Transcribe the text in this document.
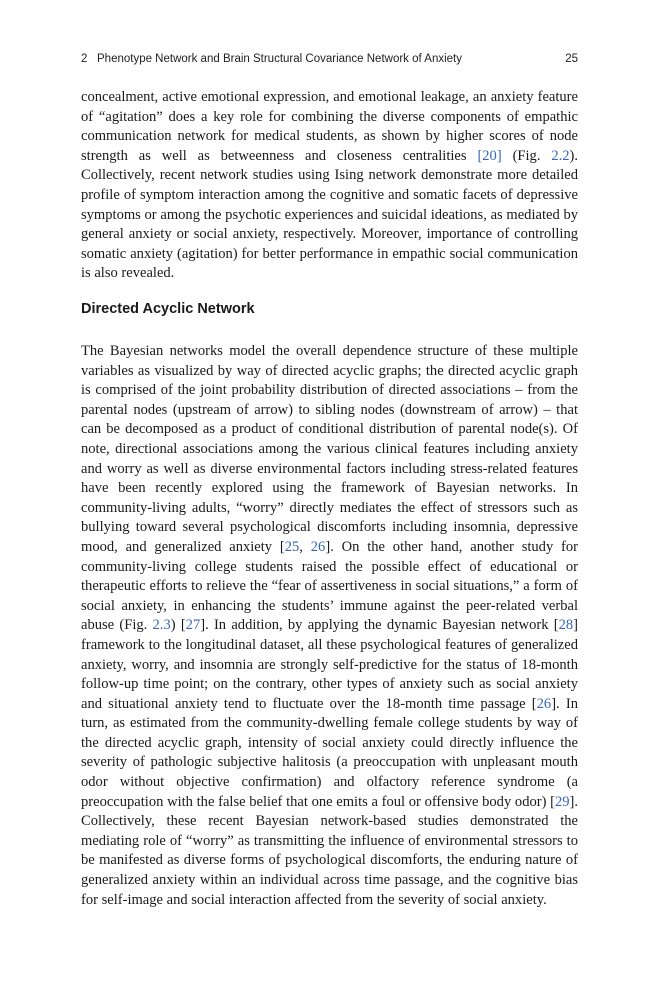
2 Phenotype Network and Brain Structural Covariance Network of Anxiety	25

concealment, active emotional expression, and emotional leakage, an anxiety feature of “agitation” does a key role for combining the diverse components of empathic communication network for medical students, as shown by higher scores of node strength as well as betweenness and closeness centralities [20] (Fig. 2.2). Collectively, recent network studies using Ising network demonstrate more detailed profile of symptom interaction among the cognitive and somatic facets of depressive symptoms or among the psychotic experiences and suicidal ideations, as mediated by general anxiety or social anxiety, respectively. Moreover, importance of controlling somatic anxiety (agitation) for better performance in empathic social communication is also revealed.

Directed Acyclic Network

The Bayesian networks model the overall dependence structure of these multiple variables as visualized by way of directed acyclic graphs; the directed acyclic graph is comprised of the joint probability distribution of directed associations – from the parental nodes (upstream of arrow) to sibling nodes (downstream of arrow) – that can be decomposed as a product of conditional distribution of parental node(s). Of note, directional associations among the various clinical features including anxiety and worry as well as diverse environmental factors including stress-related features have been recently explored using the framework of Bayesian networks. In community-living adults, “worry” directly mediates the effect of stressors such as bullying toward several psychological discomforts including insomnia, depressive mood, and generalized anxiety [25, 26]. On the other hand, another study for community-living college students raised the possible effect of educational or therapeutic efforts to relieve the “fear of assertiveness in social situations,” a form of social anxiety, in enhancing the students’ immune against the peer-related verbal abuse (Fig. 2.3) [27]. In addition, by applying the dynamic Bayesian network [28] framework to the longitudinal dataset, all these psychological features of generalized anxiety, worry, and insomnia are strongly self-predictive for the status of 18-month follow-up time point; on the contrary, other types of anxiety such as social anxiety and situational anxiety tend to fluctuate over the 18-month time passage [26]. In turn, as estimated from the community-dwelling female college students by way of the directed acyclic graph, intensity of social anxiety could directly influence the severity of pathologic subjective halitosis (a preoccupation with unpleasant mouth odor without objective confirmation) and olfactory reference syndrome (a preoccupation with the false belief that one emits a foul or offensive body odor) [29]. Collectively, these recent Bayesian network-based studies demonstrated the mediating role of “worry” as transmitting the influence of environmental stressors to be manifested as diverse forms of psychological discomforts, the enduring nature of generalized anxiety within an individual across time passage, and the cognitive bias for self-image and social interaction affected from the severity of social anxiety.
